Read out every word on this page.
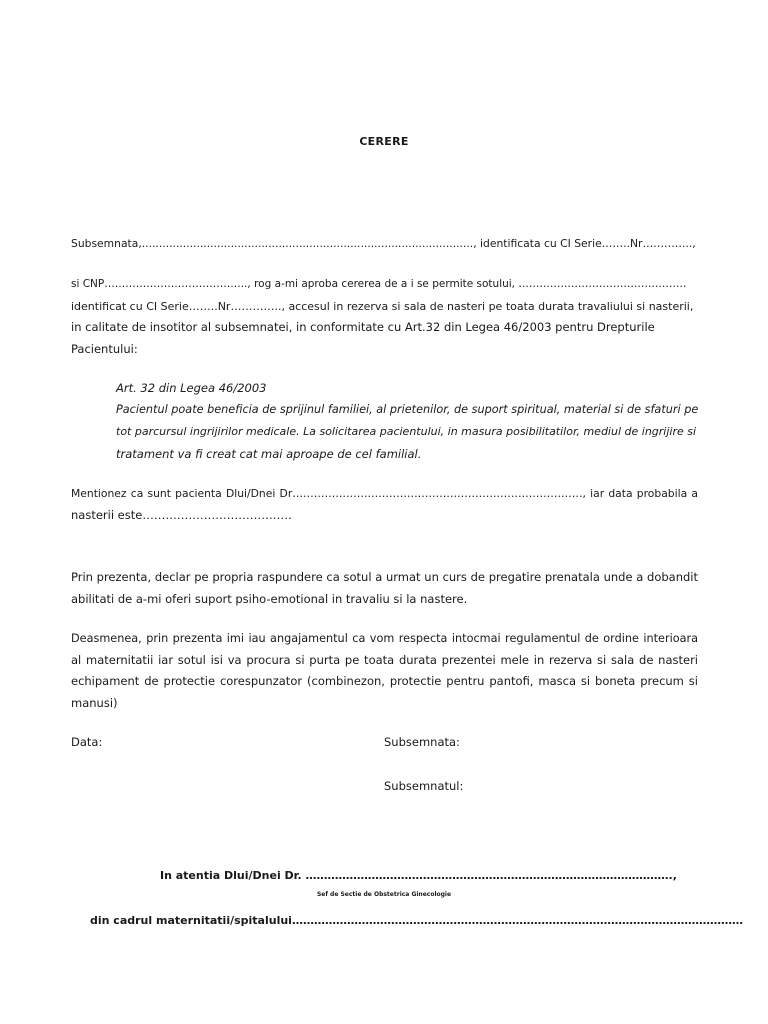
CERERE
Subsemnata,................................................................................................., identificata cu CI Serie……..Nr…………..,
si CNP………………………………….., rog a-mi aproba cererea de a i se permite sotului, …………………………………………
identificat cu CI Serie……..Nr………….., accesul in rezerva si sala de nasteri pe toata durata travaliului si nasterii,
in calitate de insotitor al subsemnatei, in conformitate cu Art.32 din Legea 46/2003 pentru Drepturile
Pacientului:
Art. 32 din Legea 46/2003
Pacientul poate beneficia de sprijinul familiei, al prietenilor, de suport spiritual, material si de sfaturi pe
tot parcursul ingrijirilor medicale. La solicitarea pacientului, in masura posibilitatilor, mediul de ingrijire si
tratament va fi creat cat mai aproape de cel familial.
Mentionez ca sunt pacienta Dlui/Dnei Dr………………………………………………………………………, iar data probabila a
nasterii este…………………………………
Prin prezenta, declar pe propria raspundere ca sotul a urmat un curs de pregatire prenatala unde a dobandit
abilitati de a-mi oferi suport psiho-emotional in travaliu si la nastere.
Deasmenea, prin prezenta imi iau angajamentul ca vom respecta intocmai regulamentul de ordine interioara
al maternitatii iar sotul isi va procura si purta pe toata durata prezentei mele in rezerva si sala de nasteri
echipament de protectie corespunzator (combinezon, protectie pentru pantofi, masca si boneta precum si
manusi)
Data:	Subsemnata:
Subsemnatul:
In atentia Dlui/Dnei Dr. ……………………………………………………………………………………….,
Sef de Sectie de Obstetrica Ginecologie
din cadrul maternitatii/spitalului……………………………………………………………………………………………………………
